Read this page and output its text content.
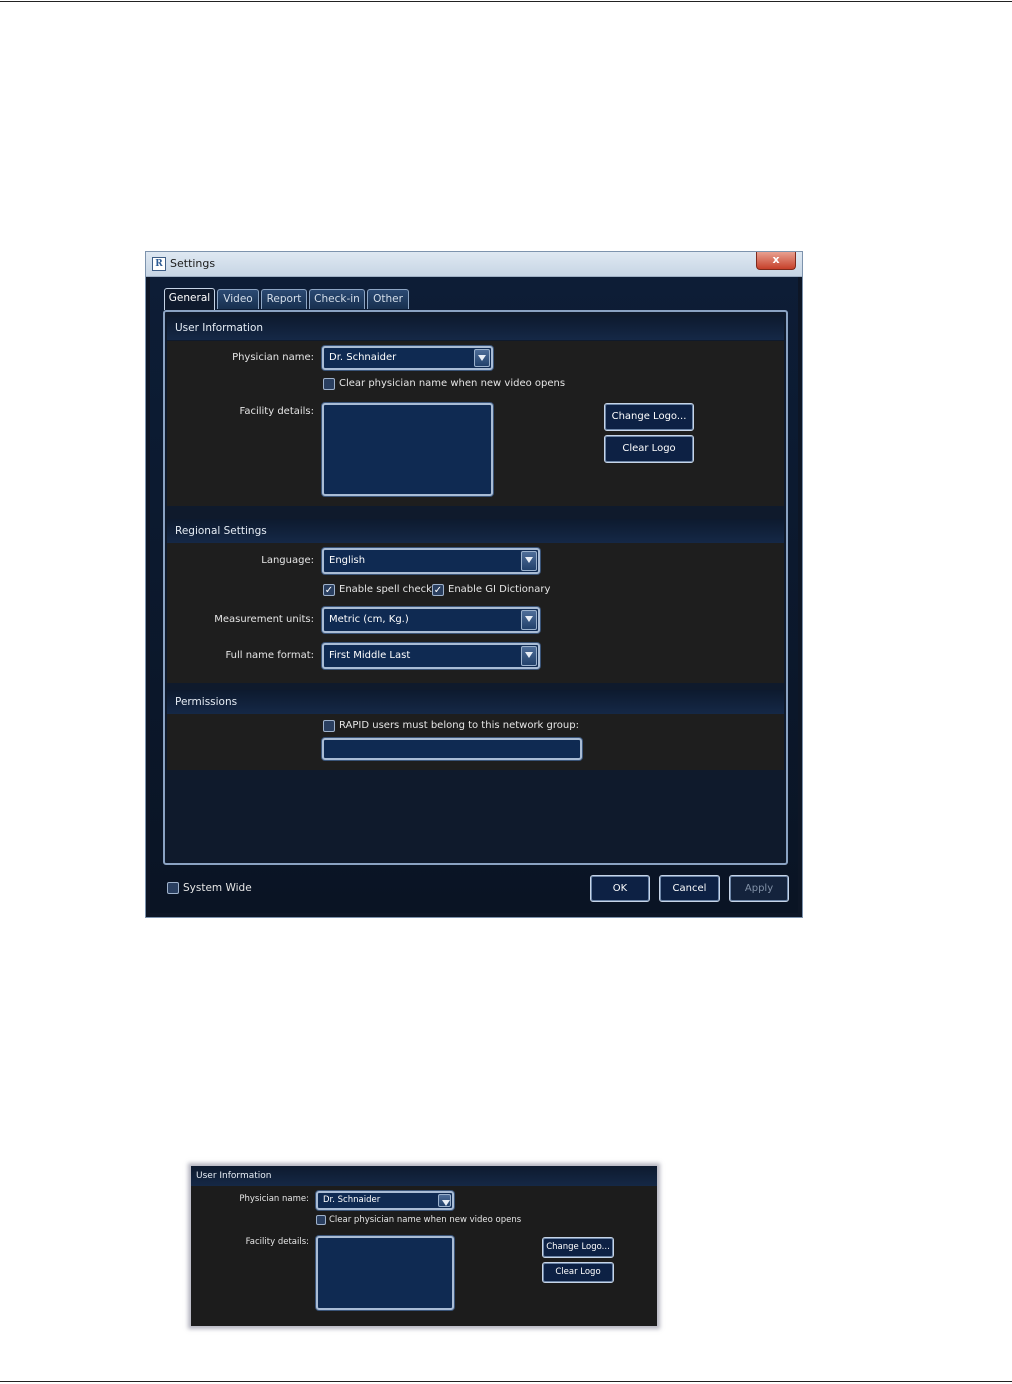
R Settings	x
General	Video	Report	Check-in	Other
User Information
Physician name:	Dr. Schnaider
Clear physician name when new video opens
Facility details:	Change Logo...
Clear Logo
Regional Settings
Language:	English
✓ Enable spell check ✓ Enable GI Dictionary
Measurement units:	Metric (cm, Kg.)
Full name format:	First Middle Last
Permissions
RAPID users must belong to this network group:
System Wide	OK	Cancel	Apply
User Information
Physician name:	Dr. Schnaider
Clear physician name when new video opens
Facility details:	Change Logo...
Clear Logo
